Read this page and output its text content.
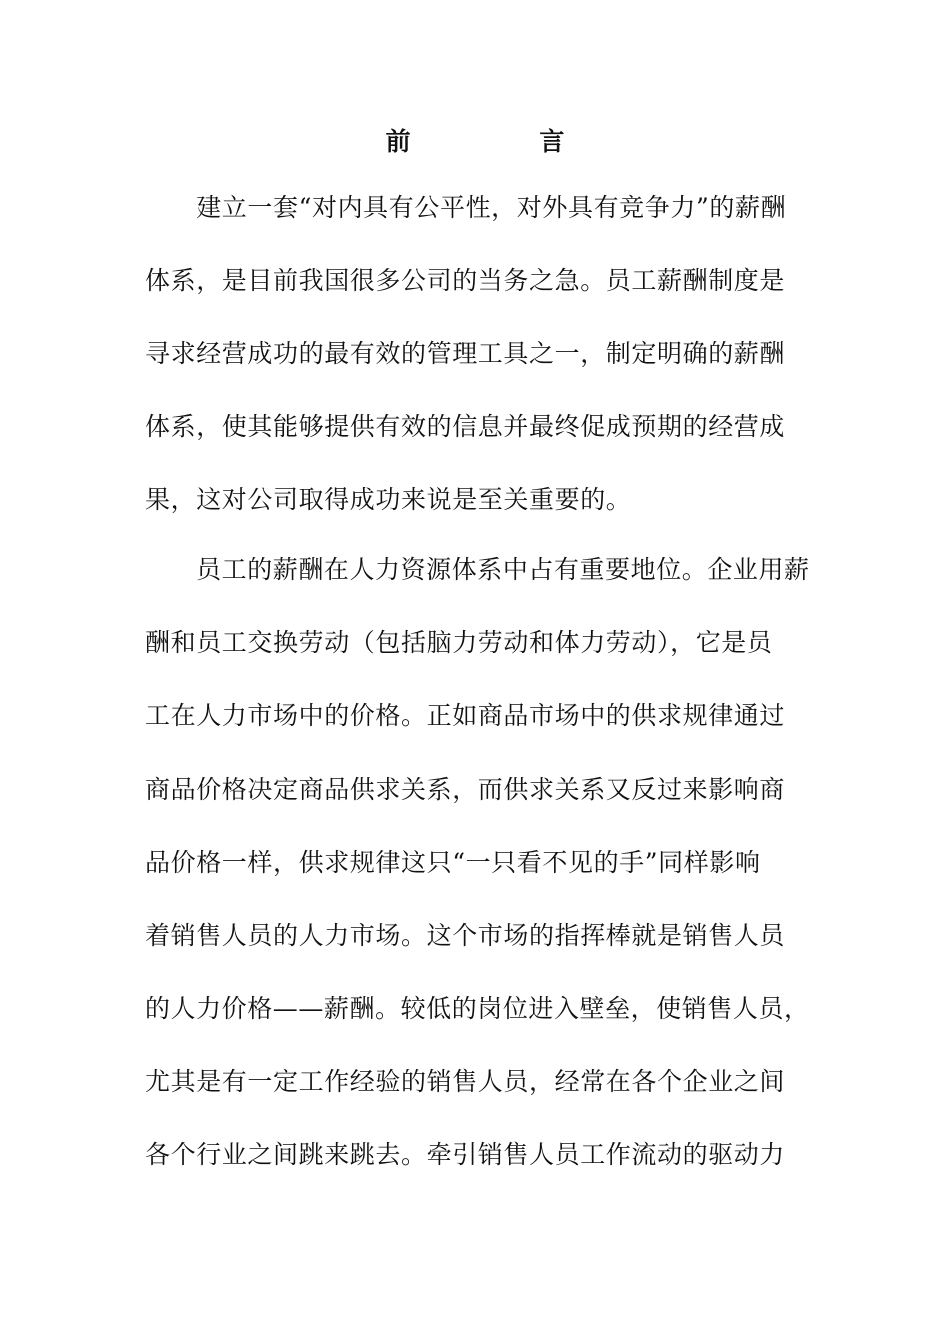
前 言
　　建立一套“对内具有公平性，对外具有竞争力”的薪酬
体系，是目前我国很多公司的当务之急。员工薪酬制度是
寻求经营成功的最有效的管理工具之一，制定明确的薪酬
体系，使其能够提供有效的信息并最终促成预期的经营成
果，这对公司取得成功来说是至关重要的。
　　员工的薪酬在人力资源体系中占有重要地位。企业用薪
酬和员工交换劳动（包括脑力劳动和体力劳动），它是员
工在人力市场中的价格。正如商品市场中的供求规律通过
商品价格决定商品供求关系，而供求关系又反过来影响商
品价格一样，供求规律这只“一只看不见的手”同样影响
着销售人员的人力市场。这个市场的指挥棒就是销售人员
的人力价格——薪酬。较低的岗位进入壁垒，使销售人员，
尤其是有一定工作经验的销售人员，经常在各个企业之间
各个行业之间跳来跳去。牵引销售人员工作流动的驱动力
